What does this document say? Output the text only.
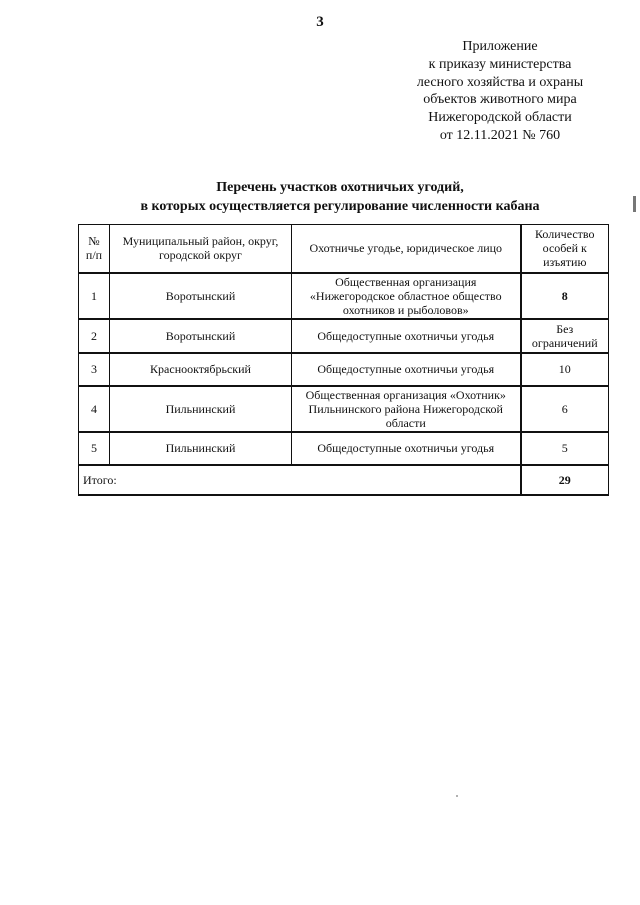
3
Приложение
к приказу министерства
лесного хозяйства и охраны
объектов животного мира
Нижегородской области
от 12.11.2021 № 760
Перечень участков охотничьих угодий,
в которых осуществляется регулирование численности кабана
№ п/п	Муниципальный район, округ, городской округ	Охотничье угодье, юридическое лицо	Количество особей к изъятию
1	Воротынский	Общественная организация «Нижегородское областное общество охотников и рыболовов»	8
2	Воротынский	Общедоступные охотничьи угодья	Без ограничений
3	Краснооктябрьский	Общедоступные охотничьи угодья	10
4	Пильнинский	Общественная организация «Охотник» Пильнинского района Нижегородской области	6
5	Пильнинский	Общедоступные охотничьи угодья	5
Итого:			29
